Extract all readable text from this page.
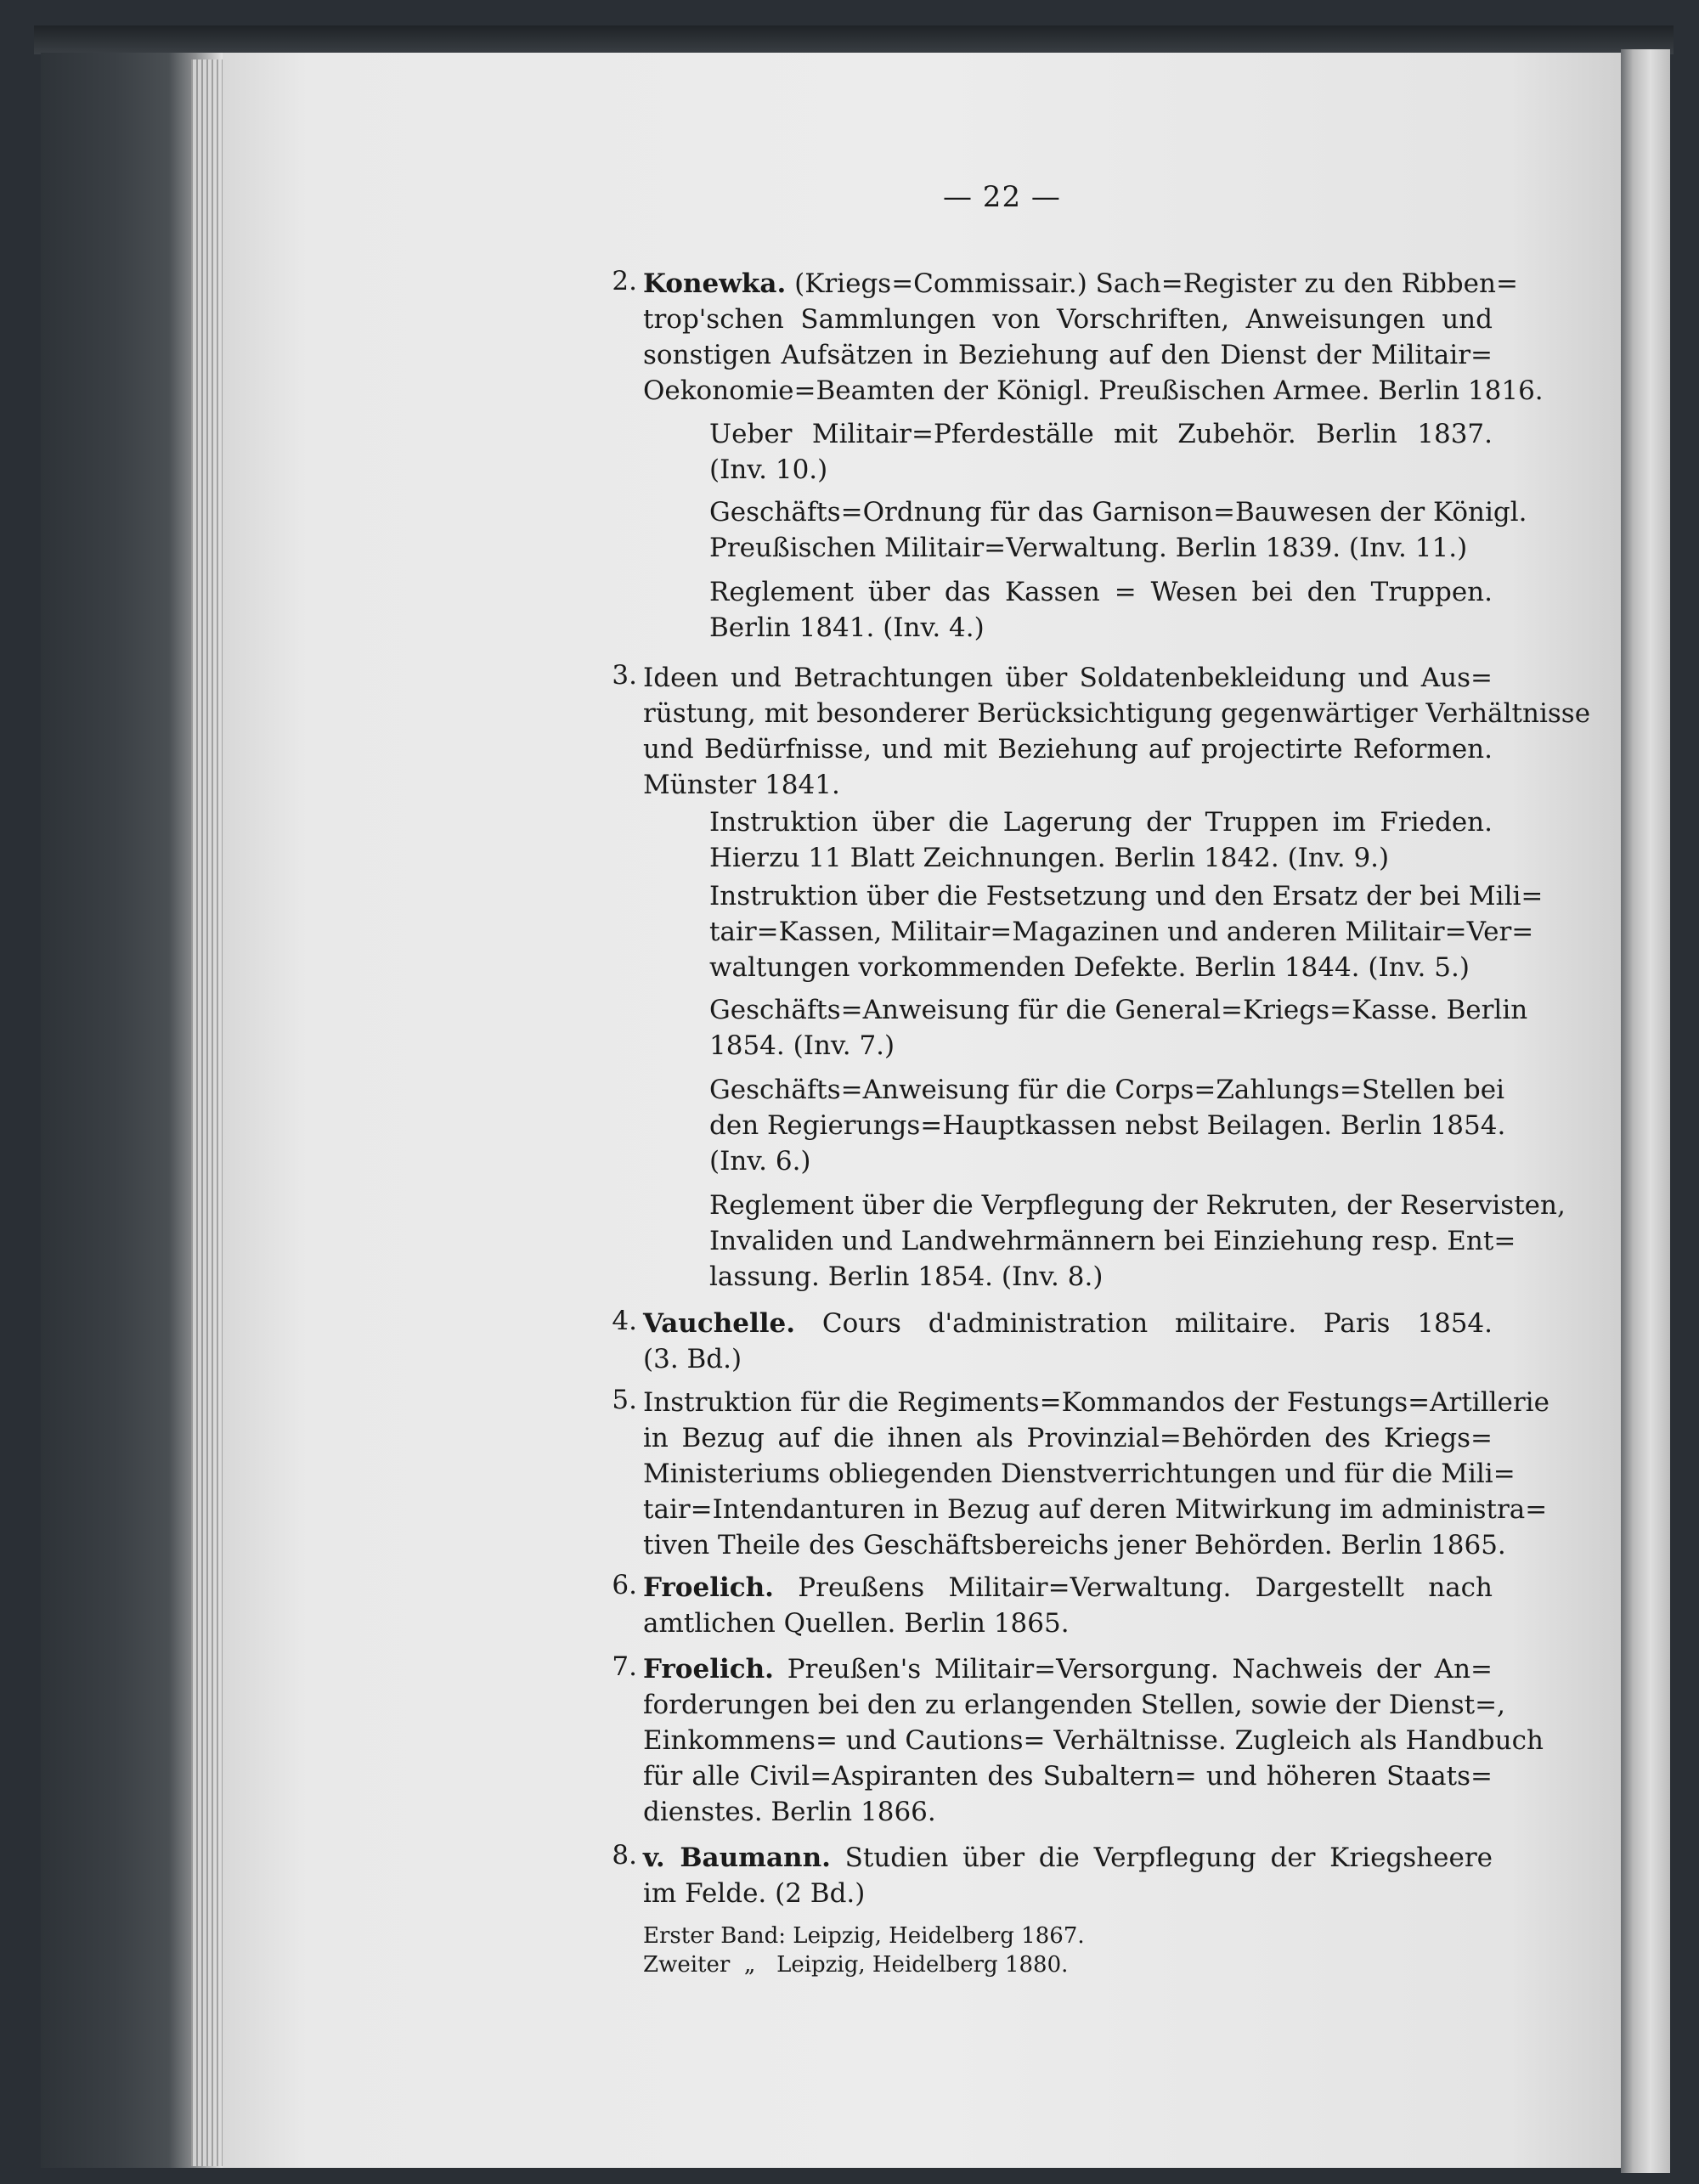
— 22 —
2. Konewka. (Kriegs=Commissair.) Sach=Register zu den Ribben=
trop'schen Sammlungen von Vorschriften, Anweisungen und
sonstigen Aufsätzen in Beziehung auf den Dienst der Militair=
Oekonomie=Beamten der Königl. Preußischen Armee. Berlin 1816.
Ueber Militair=Pferdeställe mit Zubehör. Berlin 1837.
(Inv. 10.)
Geschäfts=Ordnung für das Garnison=Bauwesen der Königl.
Preußischen Militair=Verwaltung. Berlin 1839. (Inv. 11.)
Reglement über das Kassen = Wesen bei den Truppen.
Berlin 1841. (Inv. 4.)
3. Ideen und Betrachtungen über Soldatenbekleidung und Aus=
rüstung, mit besonderer Berücksichtigung gegenwärtiger Verhältnisse
und Bedürfnisse, und mit Beziehung auf projectirte Reformen.
Münster 1841.
Instruktion über die Lagerung der Truppen im Frieden.
Hierzu 11 Blatt Zeichnungen. Berlin 1842. (Inv. 9.)
Instruktion über die Festsetzung und den Ersatz der bei Mili=
tair=Kassen, Militair=Magazinen und anderen Militair=Ver=
waltungen vorkommenden Defekte. Berlin 1844. (Inv. 5.)
Geschäfts=Anweisung für die General=Kriegs=Kasse. Berlin
1854. (Inv. 7.)
Geschäfts=Anweisung für die Corps=Zahlungs=Stellen bei
den Regierungs=Hauptkassen nebst Beilagen. Berlin 1854.
(Inv. 6.)
Reglement über die Verpflegung der Rekruten, der Reservisten,
Invaliden und Landwehrmännern bei Einziehung resp. Ent=
lassung. Berlin 1854. (Inv. 8.)
4. Vauchelle. Cours d'administration militaire. Paris 1854.
(3. Bd.)
5. Instruktion für die Regiments=Kommandos der Festungs=Artillerie
in Bezug auf die ihnen als Provinzial=Behörden des Kriegs=
Ministeriums obliegenden Dienstverrichtungen und für die Mili=
tair=Intendanturen in Bezug auf deren Mitwirkung im administra=
tiven Theile des Geschäftsbereichs jener Behörden. Berlin 1865.
6. Froelich. Preußens Militair=Verwaltung. Dargestellt nach
amtlichen Quellen. Berlin 1865.
7. Froelich. Preußen's Militair=Versorgung. Nachweis der An=
forderungen bei den zu erlangenden Stellen, sowie der Dienst=,
Einkommens= und Cautions= Verhältnisse. Zugleich als Handbuch
für alle Civil=Aspiranten des Subaltern= und höheren Staats=
dienstes. Berlin 1866.
8. v. Baumann. Studien über die Verpflegung der Kriegsheere
im Felde. (2 Bd.)
Erster Band: Leipzig, Heidelberg 1867.
Zweiter  „   Leipzig, Heidelberg 1880.
